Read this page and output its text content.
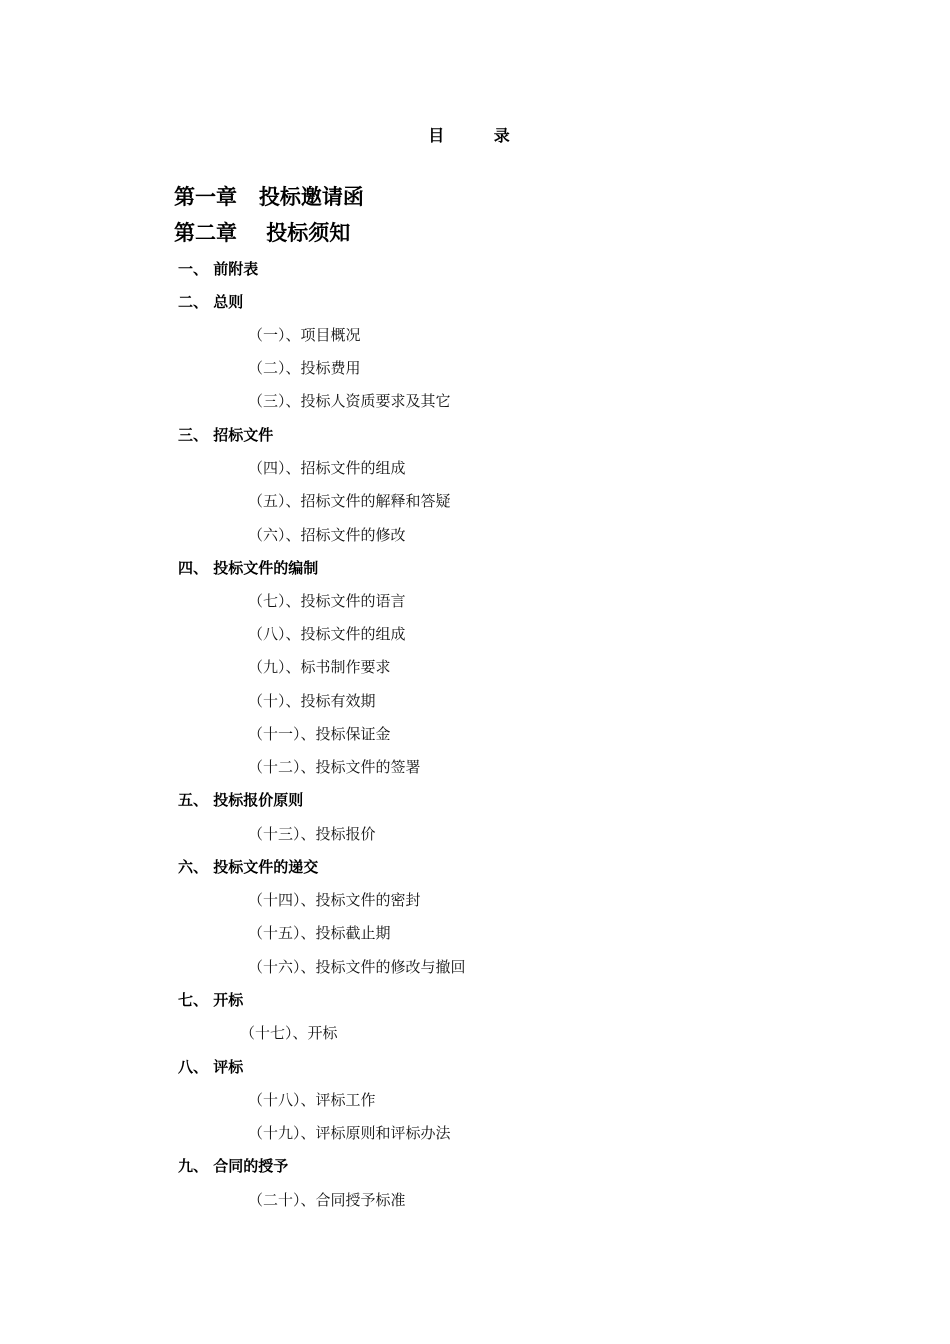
目 录
第一章   投标邀请函
第二章    投标须知
一、 前附表
二、 总则
（一）、项目概况
（二）、投标费用
（三）、投标人资质要求及其它
三、 招标文件
（四）、招标文件的组成
（五）、招标文件的解释和答疑
（六）、招标文件的修改
四、 投标文件的编制
（七）、投标文件的语言
（八）、投标文件的组成
（九）、标书制作要求
（十）、投标有效期
（十一）、投标保证金
（十二）、投标文件的签署
五、 投标报价原则
（十三）、投标报价
六、 投标文件的递交
（十四）、投标文件的密封
（十五）、投标截止期
（十六）、投标文件的修改与撤回
七、 开标
（十七）、开标
八、 评标
（十八）、评标工作
（十九）、评标原则和评标办法
九、 合同的授予
（二十）、合同授予标准
